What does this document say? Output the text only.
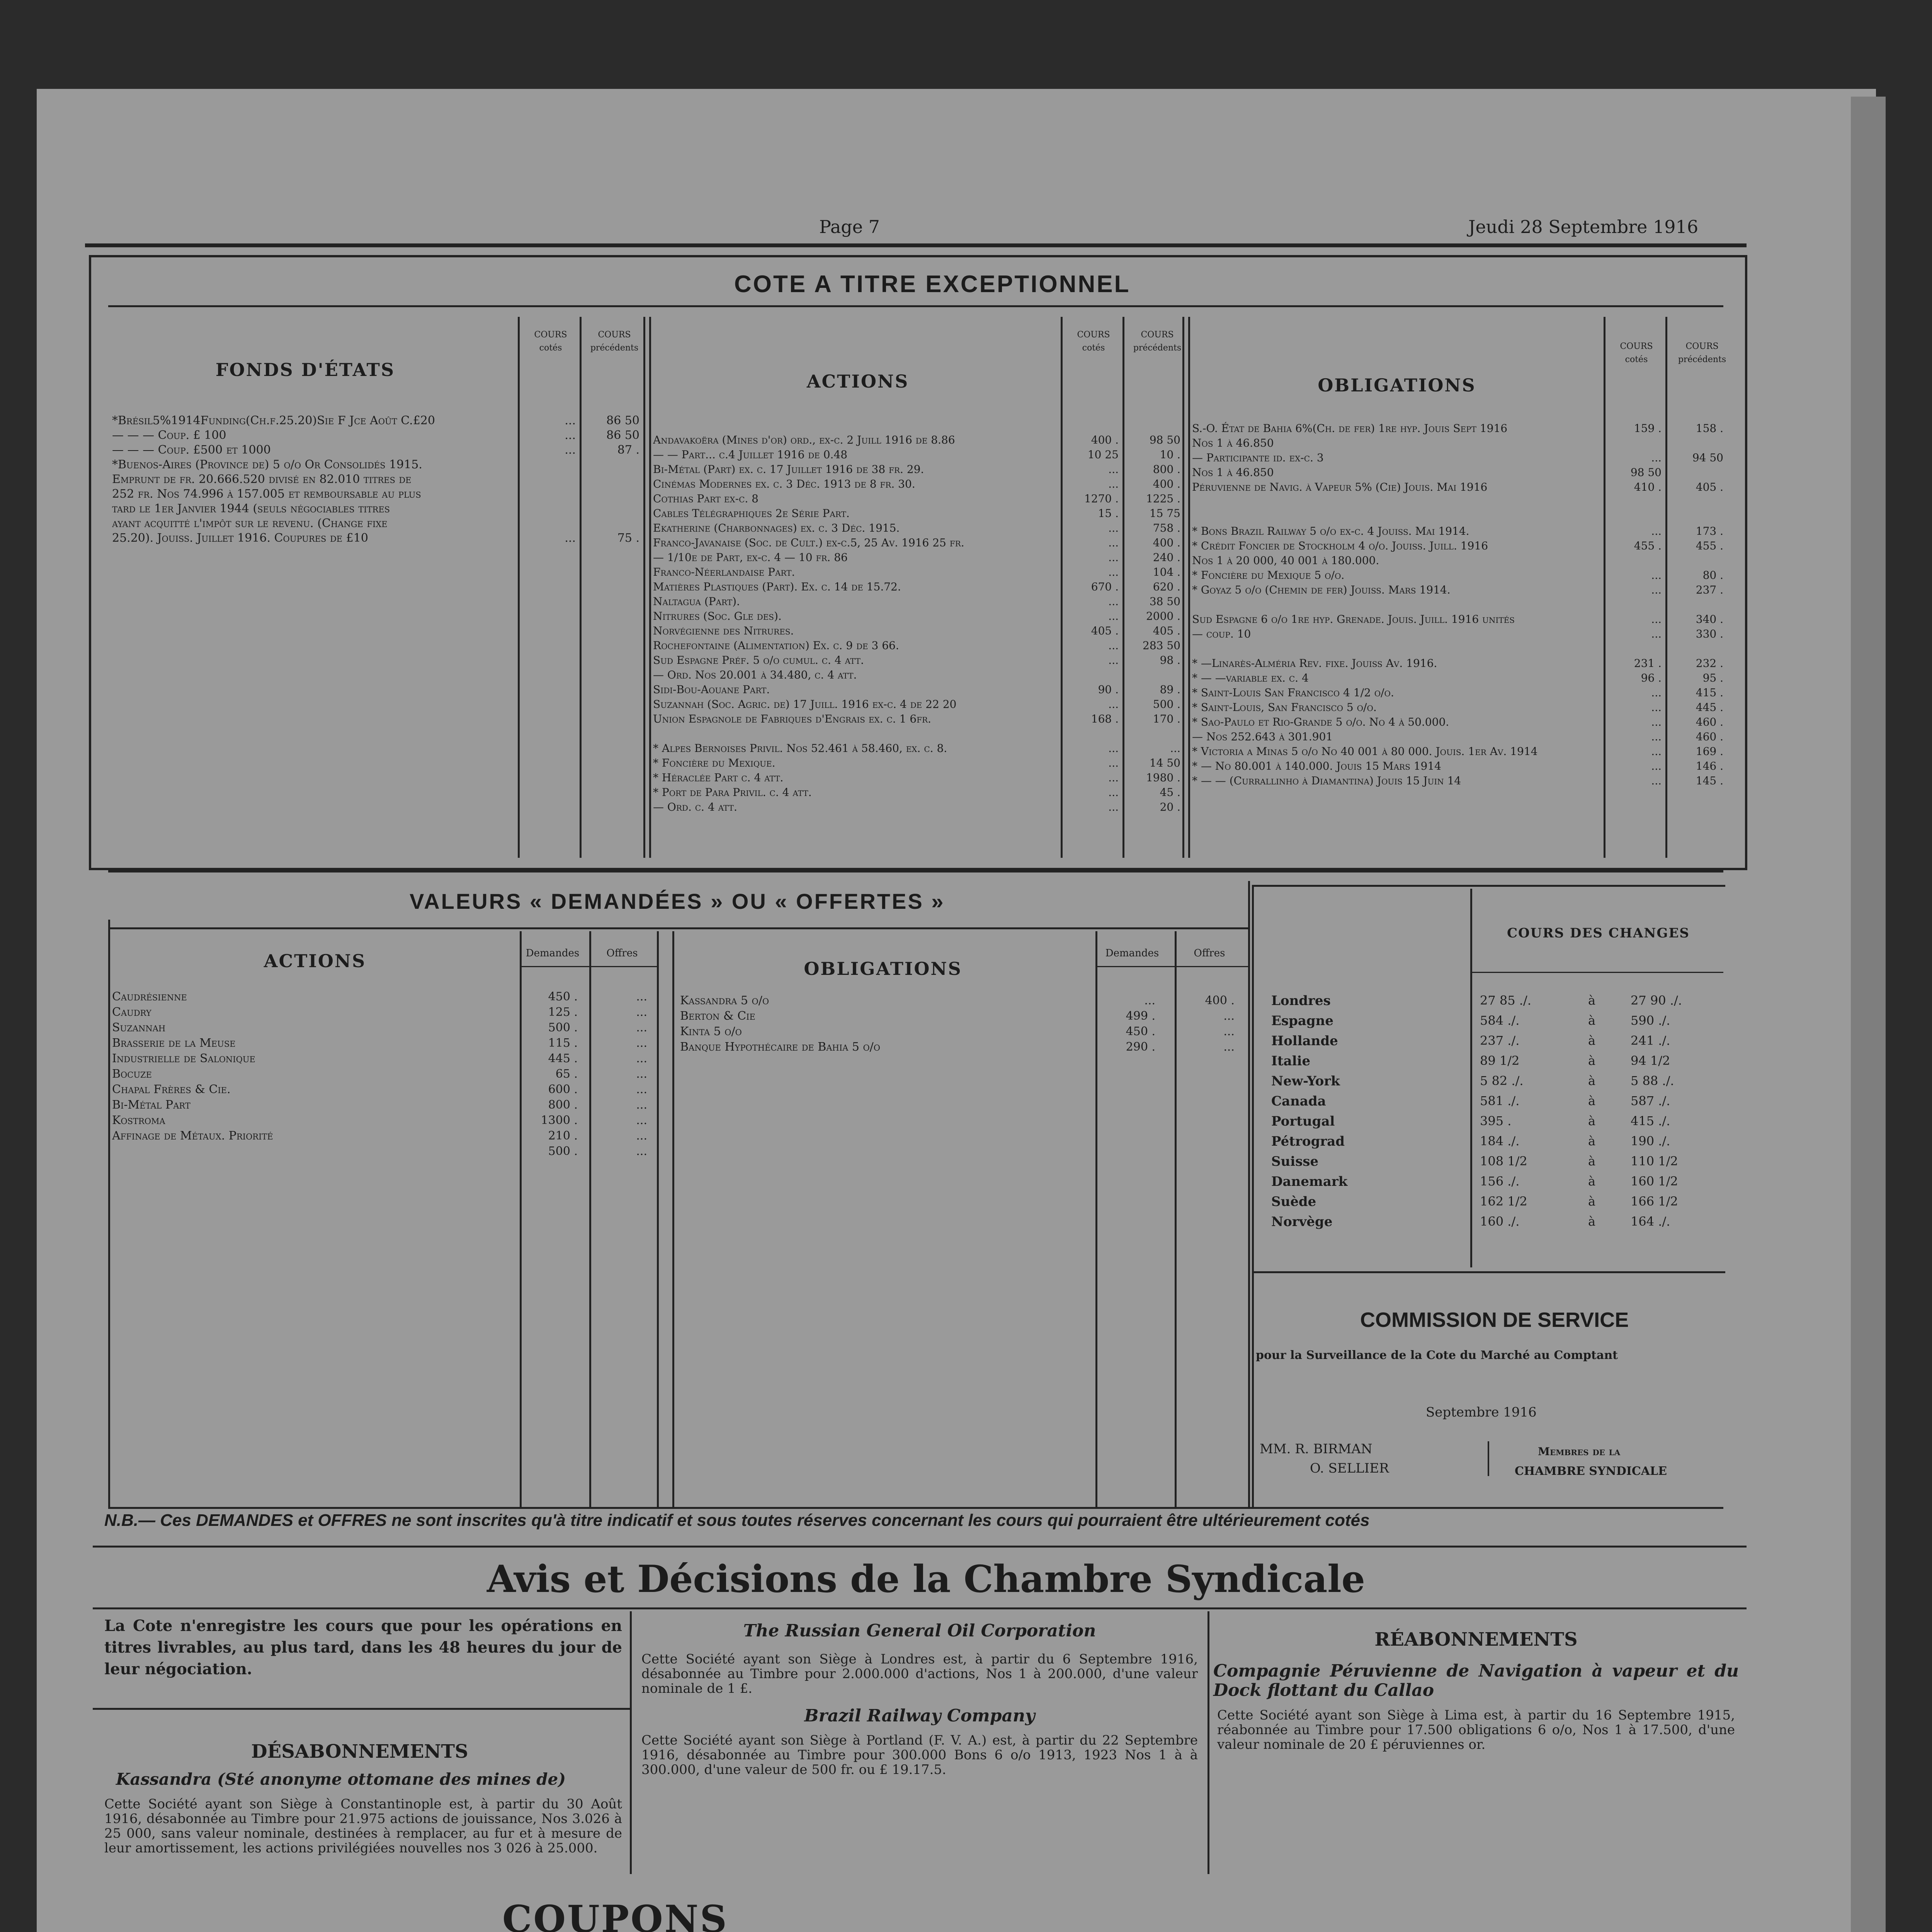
Page 7	Jeudi 28 Septembre 1916
COTE A TITRE EXCEPTIONNEL
FONDS D'ÉTATS
COURS cotés
COURS précédents
*Brésil5%1914Funding(Ch.f.25.20)Sie F Jce Août C.£20	...	86 50
— — — Coup. £ 100	...	86 50
— — — Coup. £500 et 1000	...	87 .
*Buenos-Aires (Province de) 5 o/o Or Consolidés 1915.
Emprunt de fr. 20.666.520 divisé en 82.010 titres de
252 fr. Nos 74.996 à 157.005 et remboursable au plus
tard le 1er Janvier 1944 (seuls négociables titres
ayant acquitté l'impôt sur le revenu. (Change fixe
25.20). Jouiss. Juillet 1916. Coupures de £10	...	75 .
ACTIONS
COURS cotés
COURS précédents
Andavakoëra (Mines d'or) ord., ex-c. 2 Juill 1916 de 8.86	400 .	98 50
— — Part... c.4 Juillet 1916 de 0.48	10 25	10 .
Bi-Métal (Part) ex. c. 17 Juillet 1916 de 38 fr. 29.	...	800 .
Cinémas Modernes ex. c. 3 Déc. 1913 de 8 fr. 30.	...	400 .
Cothias Part ex-c. 8	1270 .	1225 .
Cables Télégraphiques 2e Série Part.	15 .	15 75
Ekatherine (Charbonnages) ex. c. 3 Déc. 1915.	...	758 .
Franco-Javanaise (Soc. de Cult.) ex-c.5, 25 Av. 1916 25 fr.	...	400 .
— 1/10e de Part, ex-c. 4 — 10 fr. 86	...	240 .
Franco-Néerlandaise Part.	...	104 .
Matières Plastiques (Part). Ex. c. 14 de 15.72.	670 .	620 .
Naltagua (Part).	...	38 50
Nitrures (Soc. Gle des).	...	2000 .
Norvégienne des Nitrures.	405 .	405 .
Rochefontaine (Alimentation) Ex. c. 9 de 3 66.	...	283 50
Sud Espagne Préf. 5 o/o cumul. c. 4 att.	...	98 .
— Ord. Nos 20.001 à 34.480, c. 4 att.
Sidi-Bou-Aouane Part.	90 .	89 .
Suzannah (Soc. Agric. de) 17 Juill. 1916 ex-c. 4 de 22 20	...	500 .
Union Espagnole de Fabriques d'Engrais ex. c. 1 6fr.	168 .	170 .
* Alpes Bernoises Privil. Nos 52.461 à 58.460, ex. c. 8.	...	...
* Foncière du Mexique.	...	14 50
* Héraclée Part c. 4 att.	...	1980 .
* Port de Para Privil. c. 4 att.	...	45 .
— Ord. c. 4 att.	...	20 .
OBLIGATIONS
COURS cotés
COURS précédents
S.-O. État de Bahia 6%(Ch. de fer) 1re hyp. Jouis Sept 1916	159 .	158 .
Nos 1 à 46.850
— Participante id. ex-c. 3	...	94 50
Nos 1 à 46.850	98 50
Péruvienne de Navig. à Vapeur 5% (Cie) Jouis. Mai 1916	410 .	405 .
* Bons Brazil Railway 5 o/o ex-c. 4 Jouiss. Mai 1914.	...	173 .
* Crédit Foncier de Stockholm 4 o/o. Jouiss. Juill. 1916	455 .	455 .
Nos 1 à 20 000, 40 001 à 180.000.
* Foncière du Mexique 5 o/o.	...	80 .
* Goyaz 5 o/o (Chemin de fer) Jouiss. Mars 1914.	...	237 .
Sud Espagne 6 o/o 1re hyp. Grenade. Jouis. Juill. 1916 unités	...	340 .
— coup. 10	...	330 .
* —Linarès-Alméria Rev. fixe. Jouiss Av. 1916.	231 .	232 .
* — —variable ex. c. 4	96 .	95 .
* Saint-Louis San Francisco 4 1/2 o/o.	...	415 .
* Saint-Louis, San Francisco 5 o/o.	...	445 .
* Sao-Paulo et Rio-Grande 5 o/o. No 4 à 50.000.	...	460 .
— Nos 252.643 à 301.901	...	460 .
* Victoria a Minas 5 o/o No 40 001 à 80 000. Jouis. 1er Av. 1914	...	169 .
* — No 80.001 à 140.000. Jouis 15 Mars 1914	...	146 .
* — — (Currallinho à Diamantina) Jouis 15 Juin 14	...	145 .
VALEURS « DEMANDÉES » OU « OFFERTES »
ACTIONS	Demandes	Offres
Caudrésienne	450 .	...
Caudry	125 .	...
Suzannah	500 .	...
Brasserie de la Meuse	115 .	...
Industrielle de Salonique	445 .	...
Bocuze	65 .	...
Chapal Frères & Cie.	600 .	...
Bi-Métal Part	800 .	...
Kostroma	1300 .	...
Affinage de Métaux. Priorité	210 .	...
500 .	...
OBLIGATIONS
Demandes	Offres
Kassandra 5 o/o	...	400 .
Berton & Cie	499 .	...
Kinta 5 o/o	450 .	...
Banque Hypothécaire de Bahia 5 o/o	290 .	...
COURS DES CHANGES
Londres	27 85 ./.	à	27 90 ./.
Espagne	584 ./.	à	590 ./.
Hollande	237 ./.	à	241 ./.
Italie	89 1/2	à	94 1/2
New-York	5 82 ./.	à	5 88 ./.
Canada	581 ./.	à	587 ./.
Portugal	395 .	à	415 ./.
Pétrograd	184 ./.	à	190 ./.
Suisse	108 1/2	à	110 1/2
Danemark	156 ./.	à	160 1/2
Suède	162 1/2	à	166 1/2
Norvège	160 ./.	à	164 ./.
COMMISSION DE SERVICE
pour la Surveillance de la Cote du Marché au Comptant
Septembre 1916
MM. R. BIRMAN
O. SELLIER
Membres de la
CHAMBRE SYNDICALE
N.B.— Ces DEMANDES et OFFRES ne sont inscrites qu'à titre indicatif et sous toutes réserves concernant les cours qui pourraient être ultérieurement cotés
Avis et Décisions de la Chambre Syndicale
La Cote n'enregistre les cours que pour les opérations en titres livrables, au plus tard, dans les 48 heures du jour de leur négociation.
DÉSABONNEMENTS
Kassandra (Sté anonyme ottomane des mines de)
Cette Société ayant son Siège à Constantinople est, à partir du 30 Août 1916, désabonnée au Timbre pour 21.975 actions de jouissance, Nos 3.026 à 25 000, sans valeur nominale, destinées à remplacer, au fur et à mesure de leur amortissement, les actions privilégiées nouvelles nos 3 026 à 25.000.
The Russian General Oil Corporation
Cette Société ayant son Siège à Londres est, à partir du 6 Septembre 1916, désabonnée au Timbre pour 2.000.000 d'actions, Nos 1 à 200.000, d'une valeur nominale de 1 £.
Brazil Railway Company
Cette Société ayant son Siège à Portland (F. V. A.) est, à partir du 22 Septembre 1916, désabonnée au Timbre pour 300.000 Bons 6 o/o 1913, 1923 Nos 1 à à 300.000, d'une valeur de 500 fr. ou £ 19.17.5.
RÉABONNEMENTS
Compagnie Péruvienne de Navigation à vapeur et du Dock flottant du Callao
Cette Société ayant son Siège à Lima est, à partir du 16 Septembre 1915, réabonnée au Timbre pour 17.500 obligations 6 o/o, Nos 1 à 17.500, d'une valeur nominale de 20 £ péruviennes or.
COUPONS
